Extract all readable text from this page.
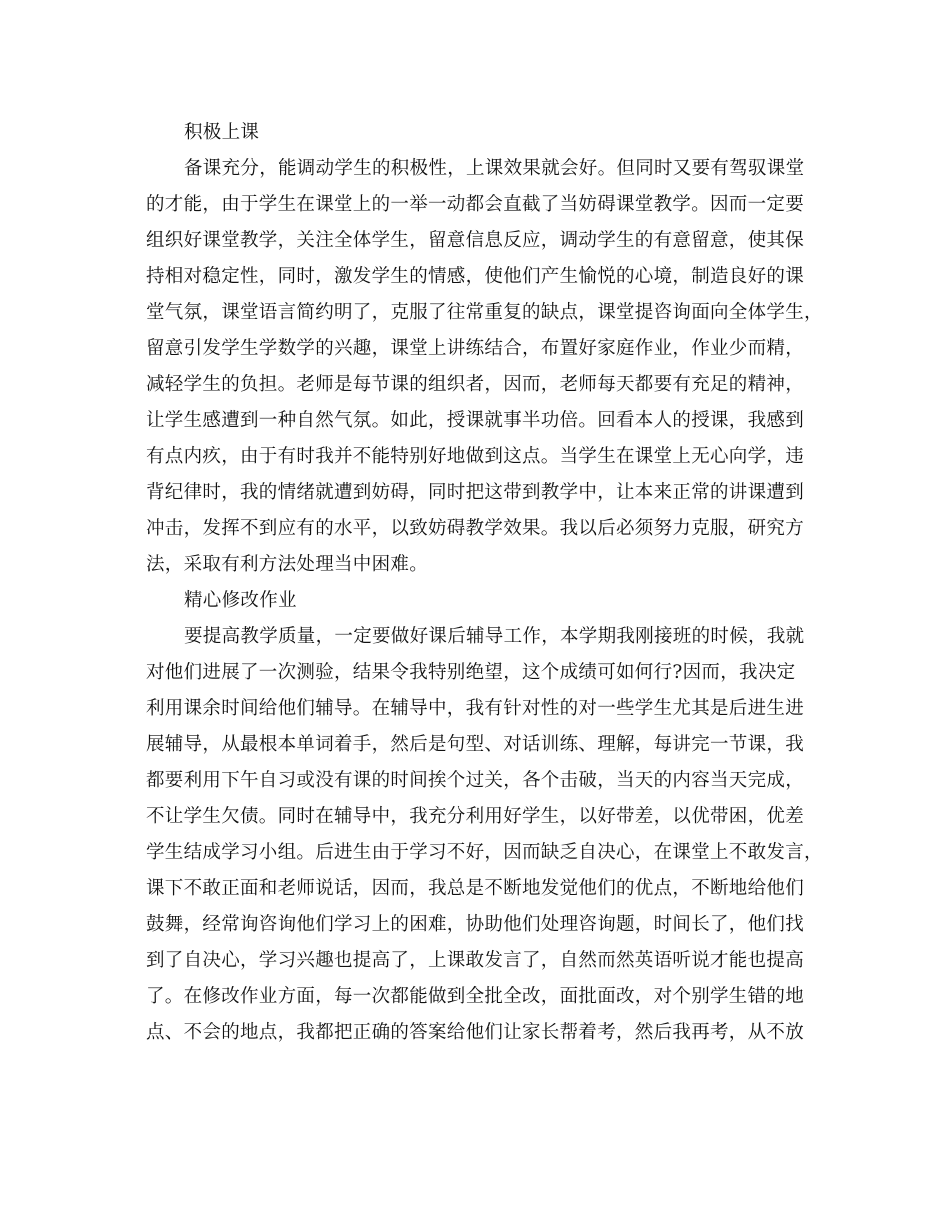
积极上课
备课充分，能调动学生的积极性，上课效果就会好。但同时又要有驾驭课堂
的才能，由于学生在课堂上的一举一动都会直截了当妨碍课堂教学。因而一定要
组织好课堂教学，关注全体学生，留意信息反应，调动学生的有意留意，使其保
持相对稳定性，同时，激发学生的情感，使他们产生愉悦的心境，制造良好的课
堂气氛，课堂语言简约明了，克服了往常重复的缺点，课堂提咨询面向全体学生，
留意引发学生学数学的兴趣，课堂上讲练结合，布置好家庭作业，作业少而精，
减轻学生的负担。老师是每节课的组织者，因而，老师每天都要有充足的精神，
让学生感遭到一种自然气氛。如此，授课就事半功倍。回看本人的授课，我感到
有点内疚，由于有时我并不能特别好地做到这点。当学生在课堂上无心向学，违
背纪律时，我的情绪就遭到妨碍，同时把这带到教学中，让本来正常的讲课遭到
冲击，发挥不到应有的水平，以致妨碍教学效果。我以后必须努力克服，研究方
法，采取有利方法处理当中困难。
精心修改作业
要提高教学质量，一定要做好课后辅导工作，本学期我刚接班的时候，我就
对他们进展了一次测验，结果令我特别绝望，这个成绩可如何行?因而，我决定
利用课余时间给他们辅导。在辅导中，我有针对性的对一些学生尤其是后进生进
展辅导，从最根本单词着手，然后是句型、对话训练、理解，每讲完一节课，我
都要利用下午自习或没有课的时间挨个过关，各个击破，当天的内容当天完成，
不让学生欠债。同时在辅导中，我充分利用好学生，以好带差，以优带困，优差
学生结成学习小组。后进生由于学习不好，因而缺乏自决心，在课堂上不敢发言，
课下不敢正面和老师说话，因而，我总是不断地发觉他们的优点，不断地给他们
鼓舞，经常询咨询他们学习上的困难，协助他们处理咨询题，时间长了，他们找
到了自决心，学习兴趣也提高了，上课敢发言了，自然而然英语听说才能也提高
了。在修改作业方面，每一次都能做到全批全改，面批面改，对个别学生错的地
点、不会的地点，我都把正确的答案给他们让家长帮着考，然后我再考，从不放
